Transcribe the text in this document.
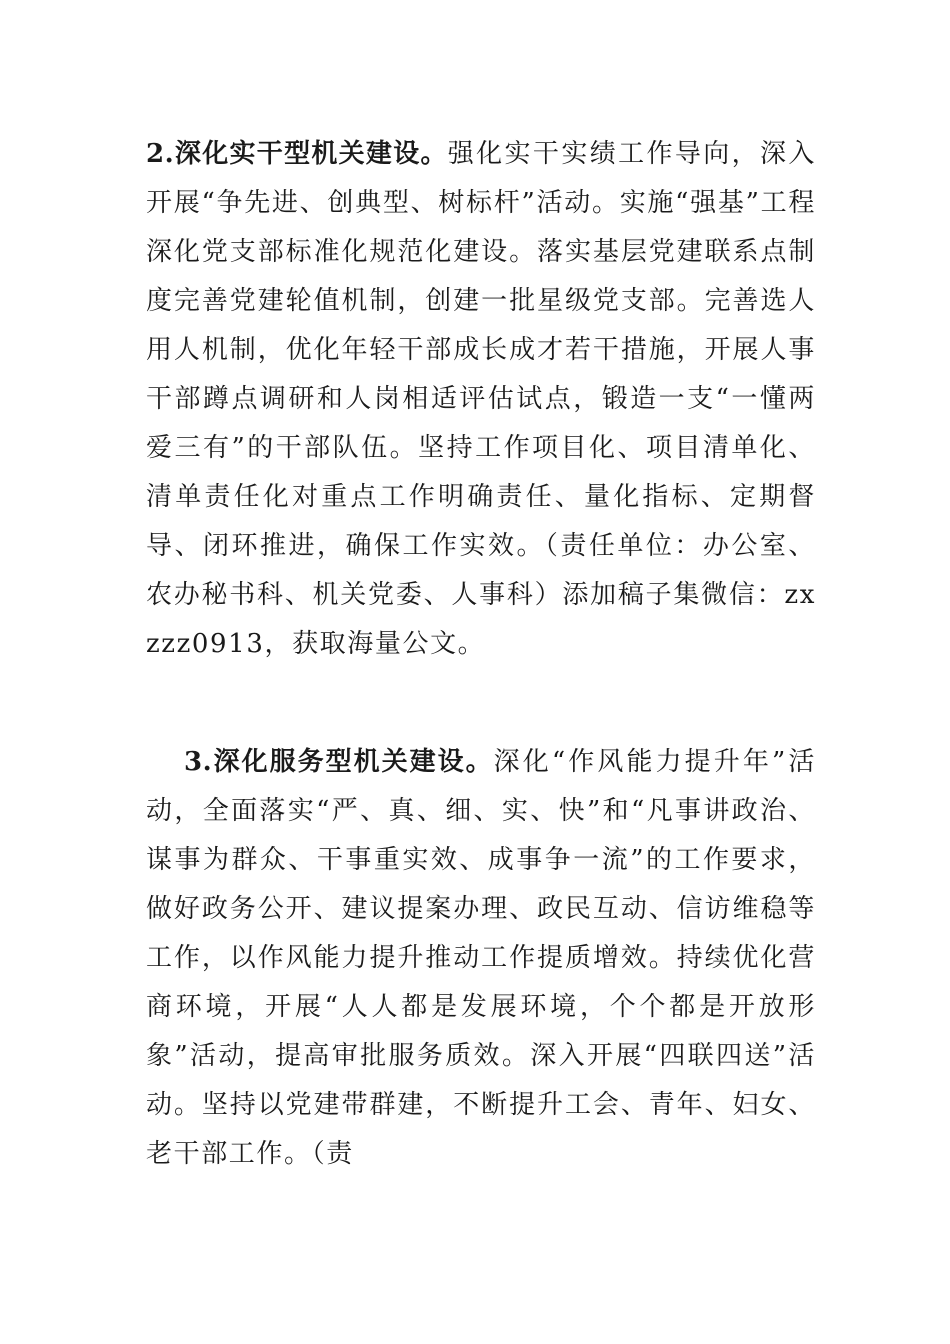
2.深化实干型机关建设。强化实干实绩工作导向，深入开展“争先进、创典型、树标杆”活动。实施“强基”工程深化党支部标准化规范化建设。落实基层党建联系点制度完善党建轮值机制，创建一批星级党支部。完善选人用人机制，优化年轻干部成长成才若干措施，开展人事干部蹲点调研和人岗相适评估试点，锻造一支“一懂两爱三有”的干部队伍。坚持工作项目化、项目清单化、清单责任化对重点工作明确责任、量化指标、定期督导、闭环推进，确保工作实效。（责任单位：办公室、农办秘书科、机关党委、人事科）添加稿子集微信：zxzzz0913，获取海量公文。

3.深化服务型机关建设。深化“作风能力提升年”活动，全面落实“严、真、细、实、快”和“凡事讲政治、谋事为群众、干事重实效、成事争一流”的工作要求，做好政务公开、建议提案办理、政民互动、信访维稳等工作，以作风能力提升推动工作提质增效。持续优化营商环境，开展“人人都是发展环境，个个都是开放形象”活动，提高审批服务质效。深入开展“四联四送”活动。坚持以党建带群建，不断提升工会、青年、妇女、老干部工作。（责
